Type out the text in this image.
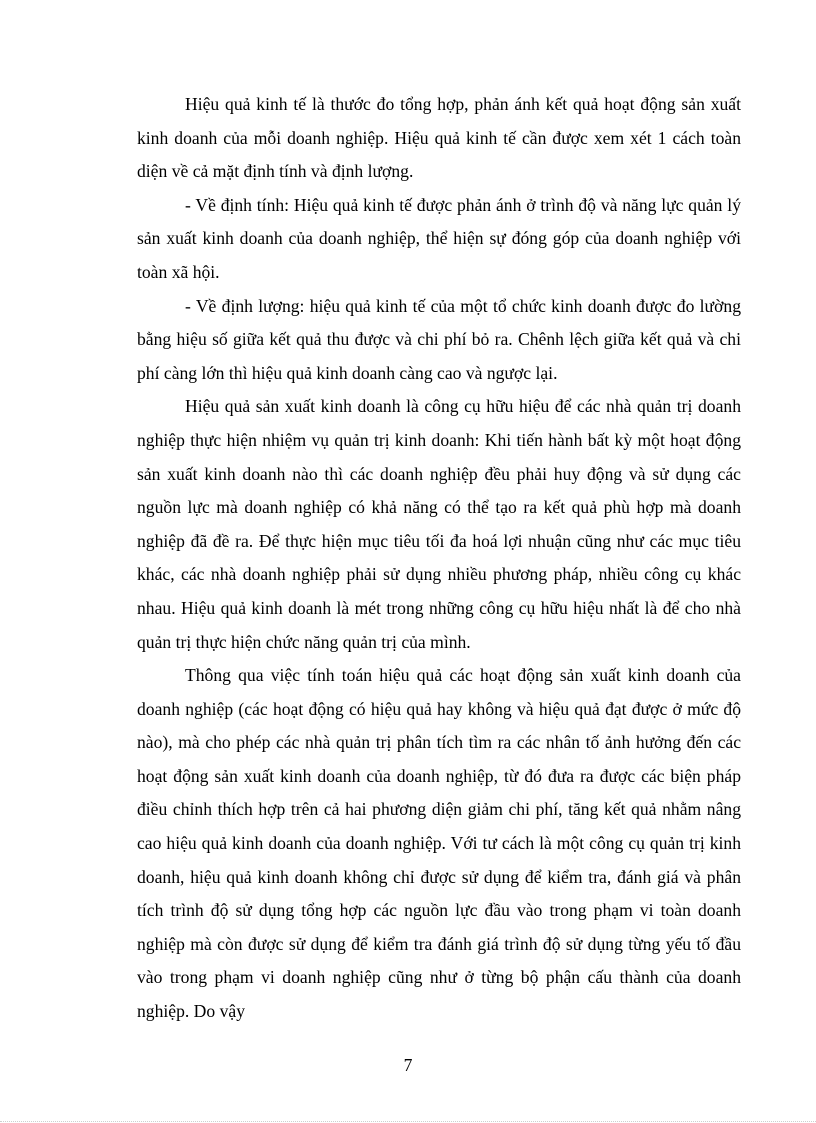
Hiệu quả kinh tế là thước đo tổng hợp, phản ánh kết quả hoạt động sản xuất kinh doanh của mỗi doanh nghiệp. Hiệu quả kinh tế cần được xem xét 1 cách toàn diện về cả mặt định tính và định lượng.

- Về định tính: Hiệu quả kinh tế được phản ánh ở trình độ và năng lực quản lý sản xuất kinh doanh của doanh nghiệp, thể hiện sự đóng góp của doanh nghiệp với toàn xã hội.

- Về định lượng: hiệu quả kinh tế của một tổ chức kinh doanh được đo lường bằng hiệu số giữa kết quả thu được và chi phí bỏ ra. Chênh lệch giữa kết quả và chi phí càng lớn thì hiệu quả kinh doanh càng cao và ngược lại.

Hiệu quả sản xuất kinh doanh là công cụ hữu hiệu để các nhà quản trị doanh nghiệp thực hiện nhiệm vụ quản trị kinh doanh: Khi tiến hành bất kỳ một hoạt động sản xuất kinh doanh nào thì các doanh nghiệp đều phải huy động và sử dụng các nguồn lực mà doanh nghiệp có khả năng có thể tạo ra kết quả phù hợp mà doanh nghiệp đã đề ra. Để thực hiện mục tiêu tối đa hoá lợi nhuận cũng như các mục tiêu khác, các nhà doanh nghiệp phải sử dụng nhiều phương pháp, nhiều công cụ khác nhau. Hiệu quả kinh doanh là mét trong những công cụ hữu hiệu nhất là để cho nhà quản trị thực hiện chức năng quản trị của mình.

Thông qua việc tính toán hiệu quả các hoạt động sản xuất kinh doanh của doanh nghiệp (các hoạt động có hiệu quả hay không và hiệu quả đạt được ở mức độ nào), mà cho phép các nhà quản trị phân tích tìm ra các nhân tố ảnh hưởng đến các hoạt động sản xuất kinh doanh của doanh nghiệp, từ đó đưa ra được các biện pháp điều chỉnh thích hợp trên cả hai phương diện giảm chi phí, tăng kết quả nhằm nâng cao hiệu quả kinh doanh của doanh nghiệp. Với tư cách là một công cụ quản trị kinh doanh, hiệu quả kinh doanh không chỉ được sử dụng để kiểm tra, đánh giá và phân tích trình độ sử dụng tổng hợp các nguồn lực đầu vào trong phạm vi toàn doanh nghiệp mà còn được sử dụng để kiểm tra đánh giá trình độ sử dụng từng yếu tố đầu vào trong phạm vi doanh nghiệp cũng như ở từng bộ phận cấu thành của doanh nghiệp. Do vậy

7
